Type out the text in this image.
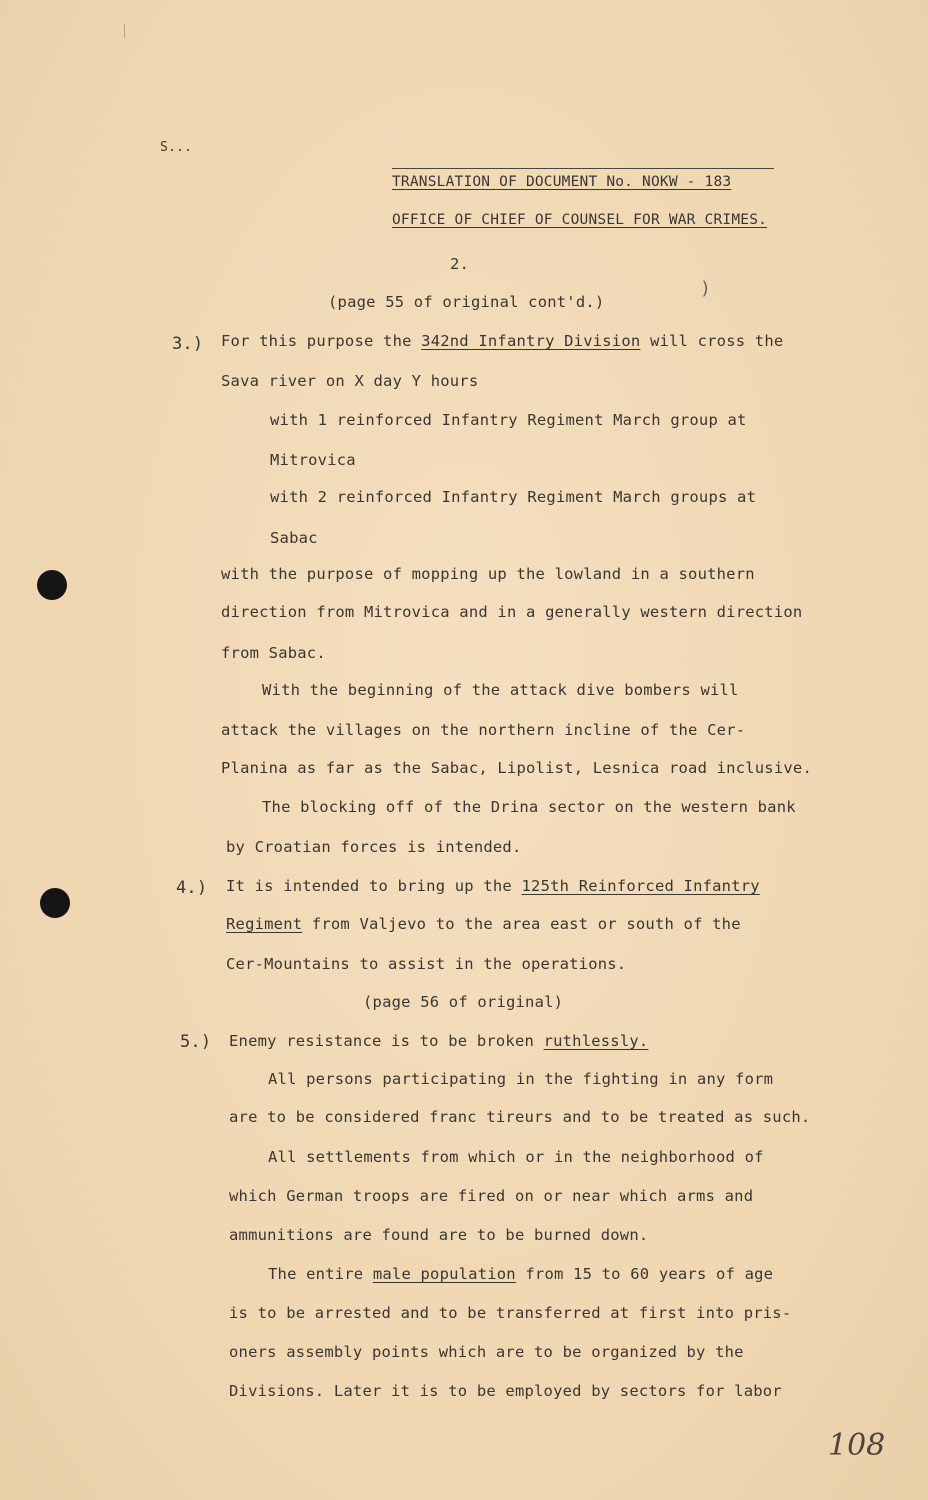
S...
TRANSLATION OF DOCUMENT No. NOKW - 183
OFFICE OF CHIEF OF COUNSEL FOR WAR CRIMES.
2.
(page 55 of original cont'd.)
)
3.) For this purpose the 342nd Infantry Division will cross the
Sava river on X day Y hours
with 1 reinforced Infantry Regiment March group at
Mitrovica
with 2 reinforced Infantry Regiment March groups at
Sabac
with the purpose of mopping up the lowland in a southern
direction from Mitrovica and in a generally western direction
from Sabac.
With the beginning of the attack dive bombers will
attack the villages on the northern incline of the Cer-
Planina as far as the Sabac, Lipolist, Lesnica road inclusive.
The blocking off of the Drina sector on the western bank
by Croatian forces is intended.
4.) It is intended to bring up the 125th Reinforced Infantry
Regiment from Valjevo to the area east or south of the
Cer-Mountains to assist in the operations.
(page 56 of original)
5.) Enemy resistance is to be broken ruthlessly.
All persons participating in the fighting in any form
are to be considered franc tireurs and to be treated as such.
All settlements from which or in the neighborhood of
which German troops are fired on or near which arms and
ammunitions are found are to be burned down.
The entire male population from 15 to 60 years of age
is to be arrested and to be transferred at first into pris-
oners assembly points which are to be organized by the
Divisions. Later it is to be employed by sectors for labor
108
